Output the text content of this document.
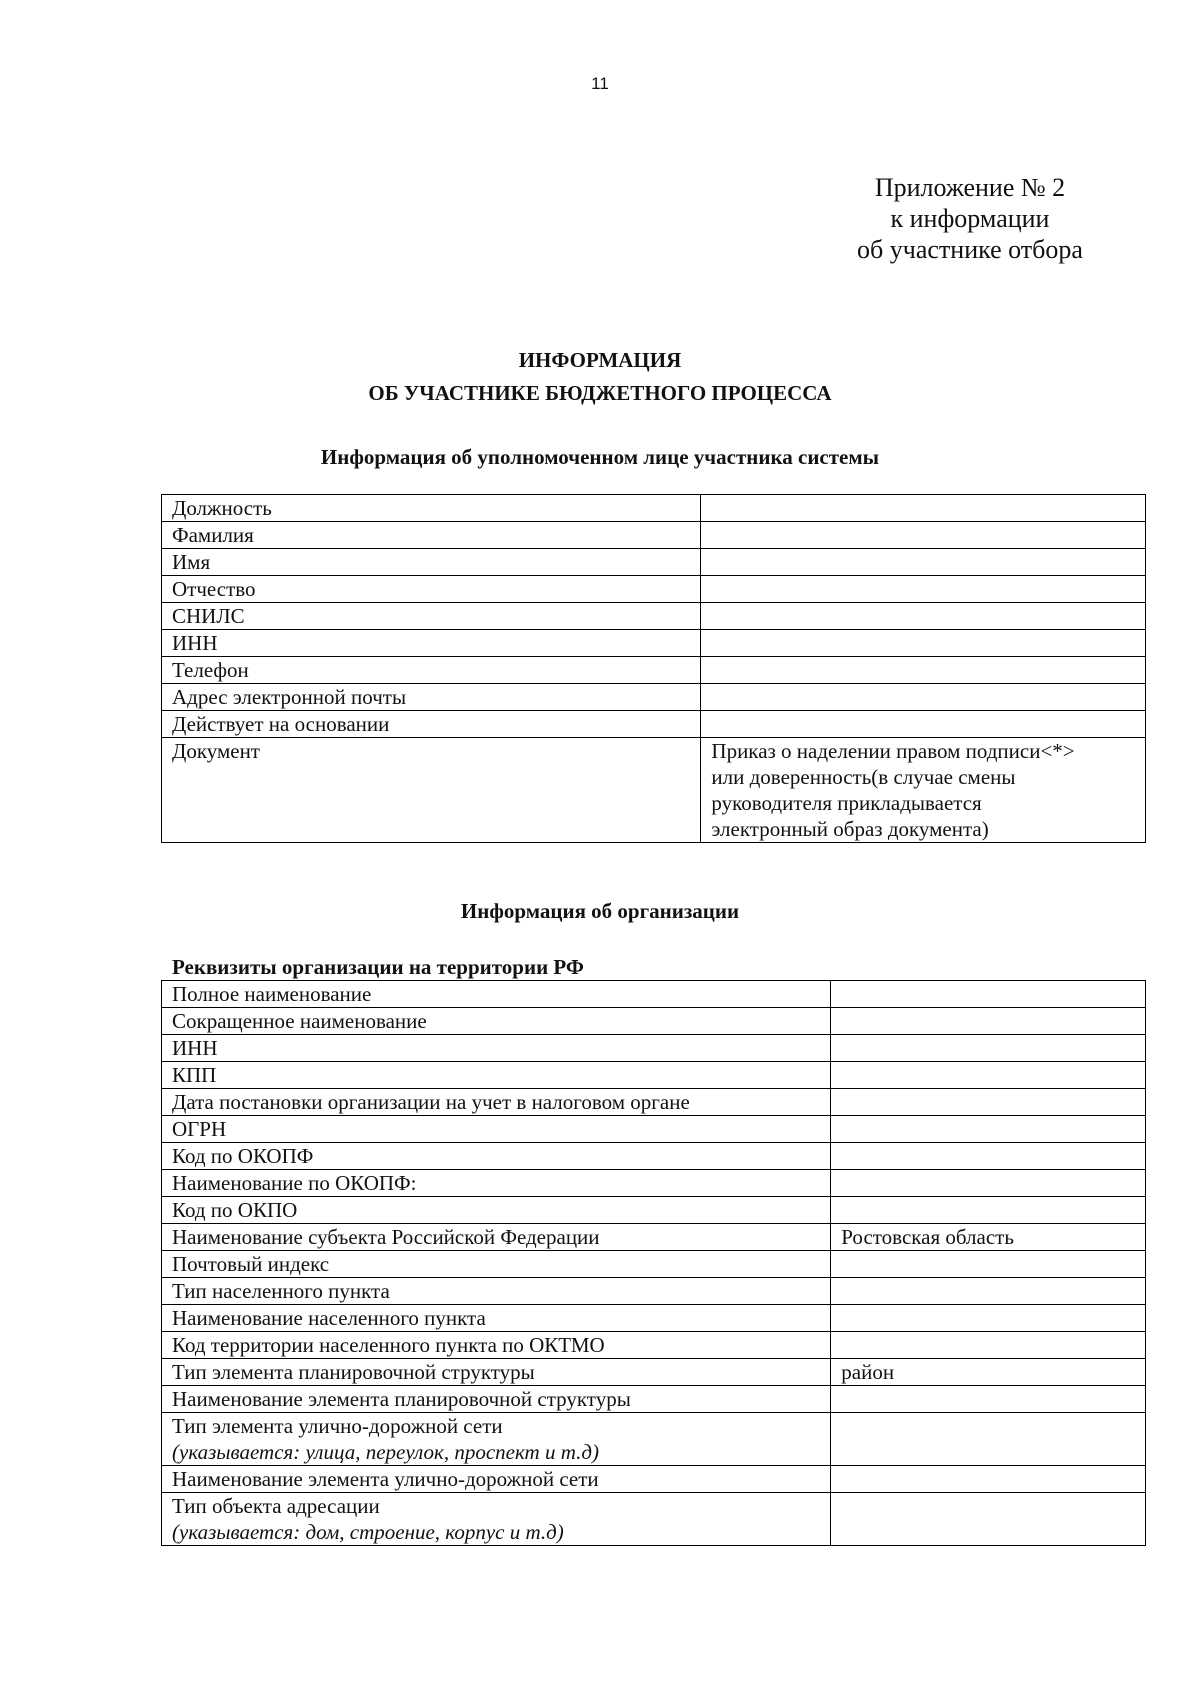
11
Приложение № 2
к информации
об участнике отбора
ИНФОРМАЦИЯ
ОБ УЧАСТНИКЕ БЮДЖЕТНОГО ПРОЦЕССА
Информация об уполномоченном лице участника системы
Должность	
Фамилия	
Имя	
Отчество	
СНИЛС	
ИНН	
Телефон	
Адрес электронной почты	
Действует на основании	
Документ	Приказ о наделении правом подписи<*>
или доверенность(в случае смены
руководителя прикладывается
электронный образ документа)
Информация об организации
Реквизиты организации на территории РФ
Полное наименование	
Сокращенное наименование	
ИНН	
КПП	
Дата постановки организации на учет в налоговом органе	
ОГРН	
Код по ОКОПФ	
Наименование по ОКОПФ:	
Код по ОКПО	
Наименование субъекта Российской Федерации	Ростовская область
Почтовый индекс	
Тип населенного пункта	
Наименование населенного пункта	
Код территории населенного пункта по ОКТМО	
Тип элемента планировочной структуры	район
Наименование элемента планировочной структуры	

Тип элемента улично-дорожной сети
(указывается: улица, переулок, проспект и т.д)	

Наименование элемента улично-дорожной сети	

Тип объекта адресации
(указывается: дом, строение, корпус и т.д)	
